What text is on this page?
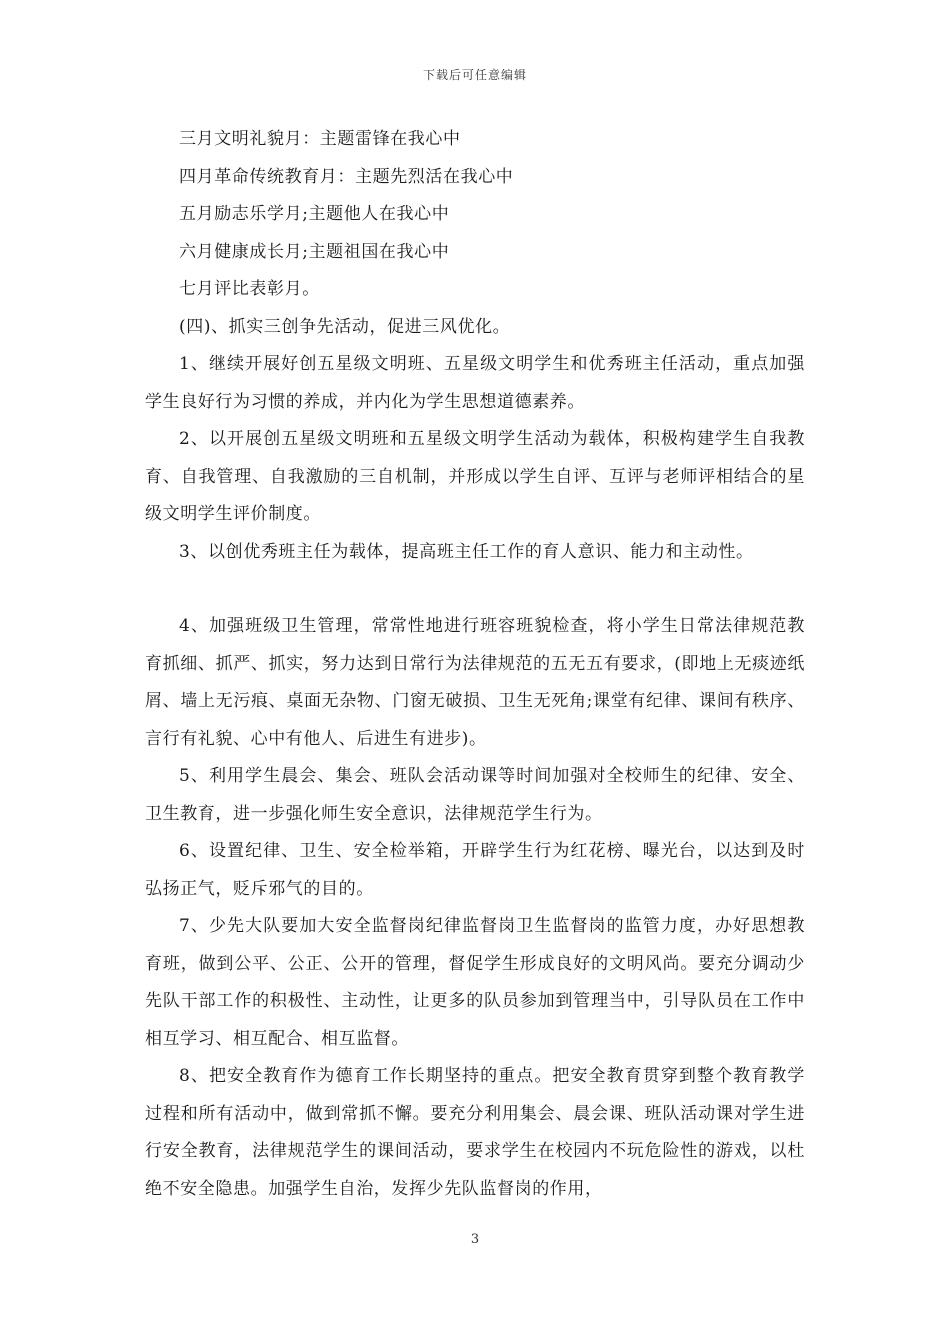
下载后可任意编辑

三月文明礼貌月：主题雷锋在我心中

四月革命传统教育月：主题先烈活在我心中

五月励志乐学月;主题他人在我心中

六月健康成长月;主题祖国在我心中

七月评比表彰月。

(四)、抓实三创争先活动，促进三风优化。

1、继续开展好创五星级文明班、五星级文明学生和优秀班主任活动，重点加强学生良好行为习惯的养成，并内化为学生思想道德素养。

2、以开展创五星级文明班和五星级文明学生活动为载体，积极构建学生自我教育、自我管理、自我激励的三自机制，并形成以学生自评、互评与老师评相结合的星级文明学生评价制度。

3、以创优秀班主任为载体，提高班主任工作的育人意识、能力和主动性。

4、加强班级卫生管理，常常性地进行班容班貌检查，将小学生日常法律规范教育抓细、抓严、抓实，努力达到日常行为法律规范的五无五有要求，(即地上无痰迹纸屑、墙上无污痕、桌面无杂物、门窗无破损、卫生无死角;课堂有纪律、课间有秩序、言行有礼貌、心中有他人、后进生有进步)。

5、利用学生晨会、集会、班队会活动课等时间加强对全校师生的纪律、安全、卫生教育，进一步强化师生安全意识，法律规范学生行为。

6、设置纪律、卫生、安全检举箱，开辟学生行为红花榜、曝光台，以达到及时弘扬正气，贬斥邪气的目的。

7、少先大队要加大安全监督岗纪律监督岗卫生监督岗的监管力度，办好思想教育班，做到公平、公正、公开的管理，督促学生形成良好的文明风尚。要充分调动少先队干部工作的积极性、主动性，让更多的队员参加到管理当中，引导队员在工作中相互学习、相互配合、相互监督。

8、把安全教育作为德育工作长期坚持的重点。把安全教育贯穿到整个教育教学过程和所有活动中，做到常抓不懈。要充分利用集会、晨会课、班队活动课对学生进行安全教育，法律规范学生的课间活动，要求学生在校园内不玩危险性的游戏，以杜绝不安全隐患。加强学生自治，发挥少先队监督岗的作用，

3
